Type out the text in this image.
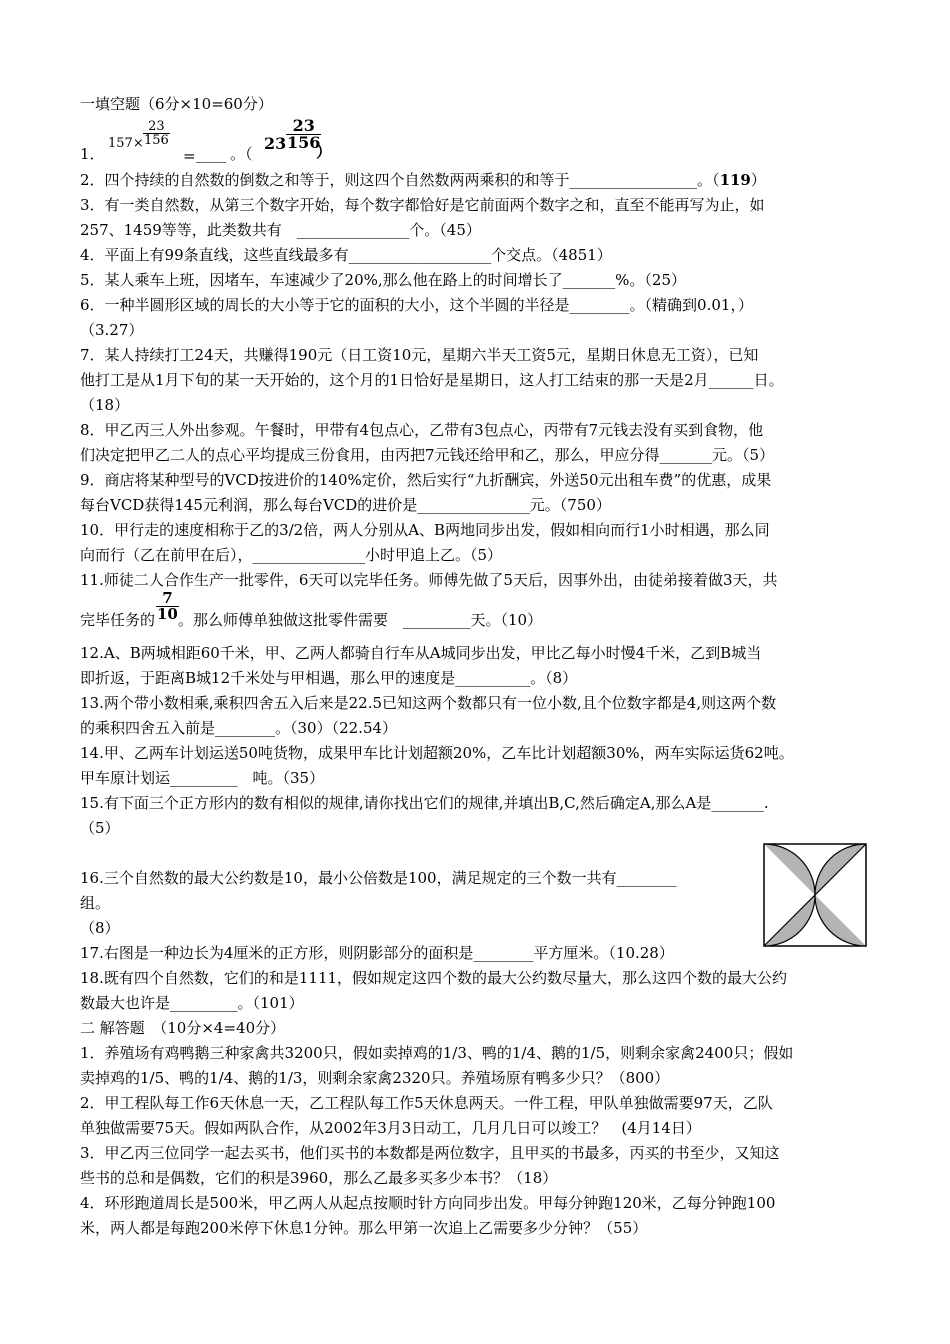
一填空题（6分×10=60分）
1．
$157\times \frac{23}{156}$
= ____ 。（
$23 \frac{23}{156}$
）
2．四个持续的自然数的倒数之和等于，则这四个自然数两两乘积的和等于_________________。（119）
3．有一类自然数，从第三个数字开始，每个数字都恰好是它前面两个数字之和，直至不能再写为止，如
257、1459等等，此类数共有　_______________个。（45）
4．平面上有99条直线，这些直线最多有___________________个交点。（4851）
5．某人乘车上班，因堵车，车速减少了20%,那么他在路上的时间增长了_______%。（25）
6．一种半圆形区域的周长的大小等于它的面积的大小，这个半圆的半径是________。（精确到0.01，）
（3.27）
7．某人持续打工24天，共赚得190元（日工资10元，星期六半天工资5元，星期日休息无工资），已知
他打工是从1月下旬的某一天开始的，这个月的1日恰好是星期日，这人打工结束的那一天是2月______日。
（18）
8．甲乙丙三人外出参观。午餐时，甲带有4包点心，乙带有3包点心，丙带有7元钱去没有买到食物，他
们决定把甲乙二人的点心平均提成三份食用，由丙把7元钱还给甲和乙，那么，甲应分得_______元。（5）
9．商店将某种型号的VCD按进价的140%定价，然后实行“九折酬宾，外送50元出租车费”的优惠，成果
每台VCD获得145元利润，那么每台VCD的进价是_______________元。（750）
10．甲行走的速度相称于乙的3/2倍，两人分别从A、B两地同步出发，假如相向而行1小时相遇，那么同
向而行（乙在前甲在后），_______________小时甲追上乙。（5）
11.师徒二人合作生产一批零件，6天可以完毕任务。师傅先做了5天后，因事外出，由徒弟接着做3天，共
完毕任务的 $\frac{7}{10}$ 。那么师傅单独做这批零件需要　_________天。（10）
12.A、B两城相距60千米，甲、乙两人都骑自行车从A城同步出发，甲比乙每小时慢4千米，乙到B城当
即折返，于距离B城12千米处与甲相遇，那么甲的速度是__________。（8）
13.两个带小数相乘,乘积四舍五入后来是22.5已知这两个数都只有一位小数,且个位数字都是4,则这两个数
的乘积四舍五入前是________。（30）（22.54）
14.甲、乙两车计划运送50吨货物，成果甲车比计划超额20%，乙车比计划超额30%，两车实际运货62吨。
甲车原计划运_________　吨。（35）
15.有下面三个正方形内的数有相似的规律,请你找出它们的规律,并填出B,C,然后确定A,那么A是_______.
（5）
16.三个自然数的最大公约数是10，最小公倍数是100，满足规定的三个数一共有________
组。
（8）
17.右图是一种边长为4厘米的正方形，则阴影部分的面积是________平方厘米。（10.28）
18.既有四个自然数，它们的和是1111，假如规定这四个数的最大公约数尽量大，那么这四个数的最大公约
数最大也许是_________。（101）
二 解答题　（10分×4=40分）
1．养殖场有鸡鸭鹅三种家禽共3200只，假如卖掉鸡的1/3、鸭的1/4、鹅的1/5，则剩余家禽2400只；假如
卖掉鸡的1/5、鸭的1/4、鹅的1/3，则剩余家禽2320只。养殖场原有鸭多少只？（800）
2．甲工程队每工作6天休息一天，乙工程队每工作5天休息两天。一件工程，甲队单独做需要97天，乙队
单独做需要75天。假如两队合作，从2002年3月3日动工，几月几日可以竣工？　(4月14日）
3．甲乙丙三位同学一起去买书，他们买书的本数都是两位数字，且甲买的书最多，丙买的书至少，又知这
些书的总和是偶数，它们的积是3960，那么乙最多买多少本书？（18）
4．环形跑道周长是500米，甲乙两人从起点按顺时针方向同步出发。甲每分钟跑120米，乙每分钟跑100
米，两人都是每跑200米停下休息1分钟。那么甲第一次追上乙需要多少分钟？（55）
